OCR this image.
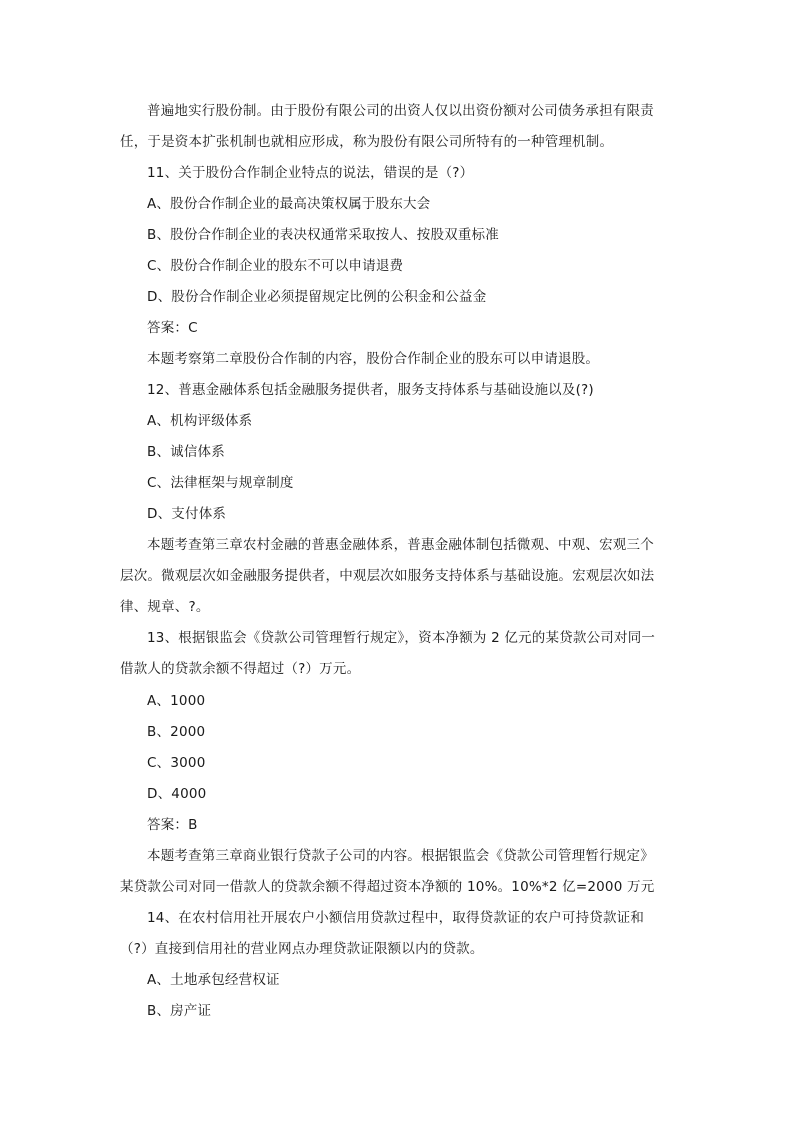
普遍地实行股份制。由于股份有限公司的出资人仅以出资份额对公司债务承担有限责
任，于是资本扩张机制也就相应形成，称为股份有限公司所特有的一种管理机制。
11、关于股份合作制企业特点的说法，错误的是（?）
A、股份合作制企业的最高决策权属于股东大会
B、股份合作制企业的表决权通常采取按人、按股双重标准
C、股份合作制企业的股东不可以申请退费
D、股份合作制企业必须提留规定比例的公积金和公益金
答案：C
本题考察第二章股份合作制的内容，股份合作制企业的股东可以申请退股。
12、普惠金融体系包括金融服务提供者，服务支持体系与基础设施以及(?)
A、机构评级体系
B、诚信体系
C、法律框架与规章制度
D、支付体系
本题考查第三章农村金融的普惠金融体系，普惠金融体制包括微观、中观、宏观三个
层次。微观层次如金融服务提供者，中观层次如服务支持体系与基础设施。宏观层次如法
律、规章、?。
13、根据银监会《贷款公司管理暂行规定》，资本净额为 2 亿元的某贷款公司对同一
借款人的贷款余额不得超过（?）万元。
A、1000
B、2000
C、3000
D、4000
答案：B
本题考查第三章商业银行贷款子公司的内容。根据银监会《贷款公司管理暂行规定》
某贷款公司对同一借款人的贷款余额不得超过资本净额的 10%。10%*2 亿=2000 万元
14、在农村信用社开展农户小额信用贷款过程中，取得贷款证的农户可持贷款证和
（?）直接到信用社的营业网点办理贷款证限额以内的贷款。
A、土地承包经营权证
B、房产证
